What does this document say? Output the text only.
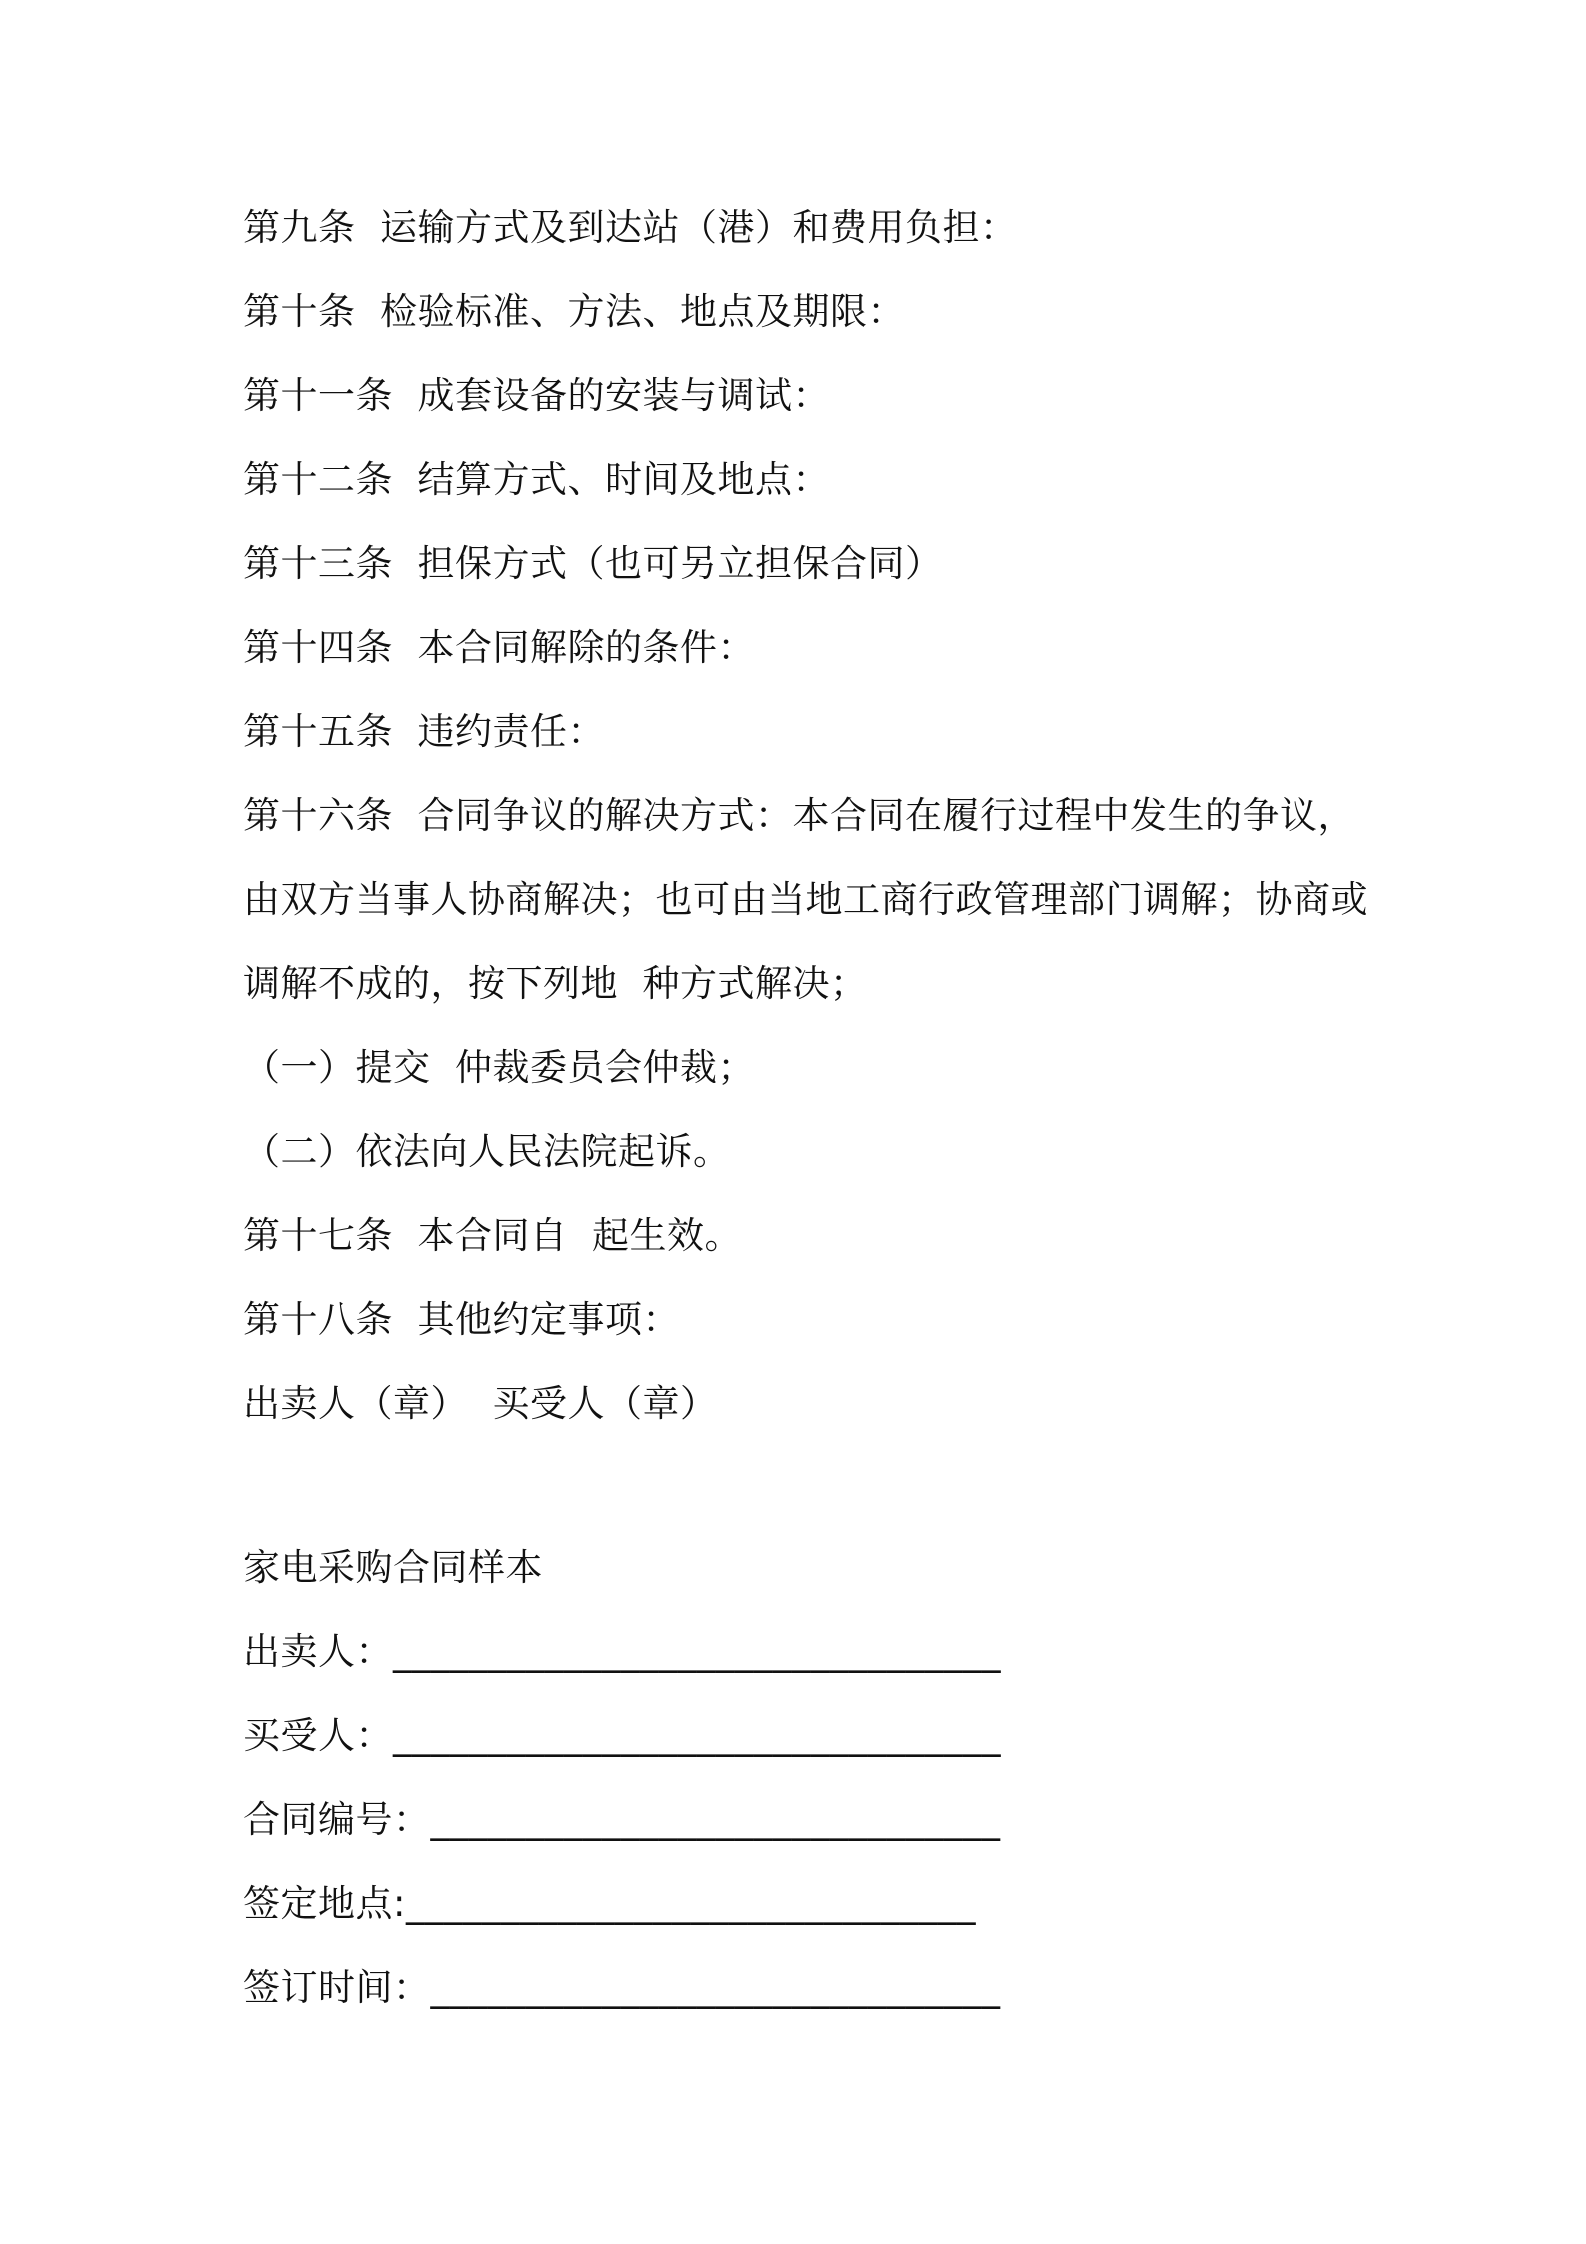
第九条  运输方式及到达站（港）和费用负担：
第十条  检验标准、方法、地点及期限：
第十一条  成套设备的安装与调试：
第十二条  结算方式、时间及地点：
第十三条  担保方式（也可另立担保合同）
第十四条  本合同解除的条件：
第十五条  违约责任：
第十六条  合同争议的解决方式：本合同在履行过程中发生的争议，
由双方当事人协商解决；也可由当地工商行政管理部门调解；协商或
调解不成的，按下列地  种方式解决；
（一）提交  仲裁委员会仲裁；
（二）依法向人民法院起诉。
第十七条  本合同自  起生效。
第十八条  其他约定事项：
出卖人（章）  买受人（章）
家电采购合同样本
出卖人：________________________________
买受人：________________________________
合同编号：______________________________
签定地点:______________________________
签订时间：______________________________
